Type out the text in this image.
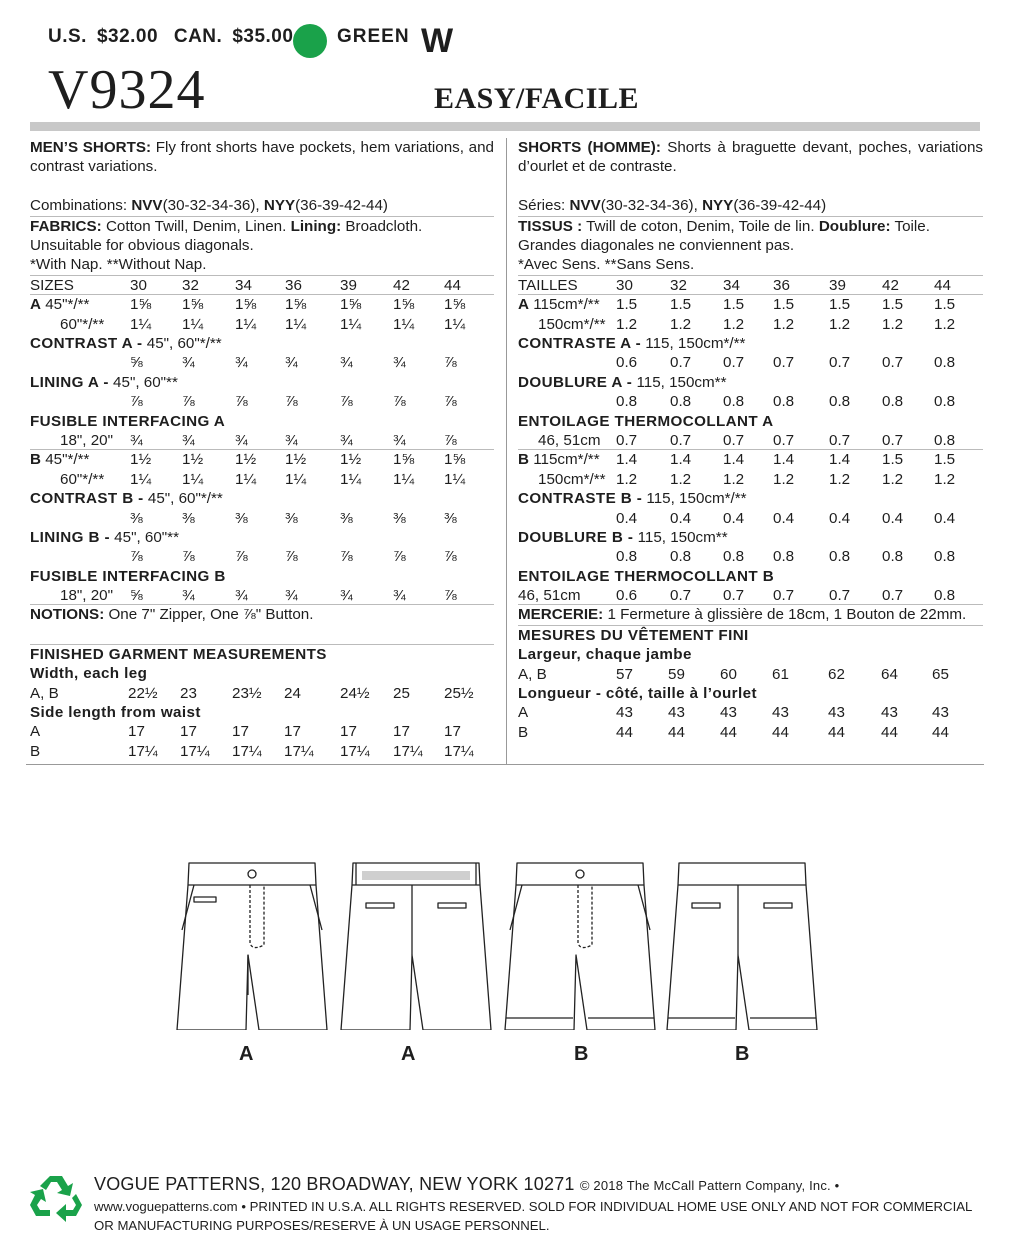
U.S. $32.00 CAN. $35.00	GREEN W
V9324	EASY/FACILE

MEN’S SHORTS: Fly front shorts have pockets, hem variations, and contrast variations.

Combinations: NVV(30-32-34-36), NYY(36-39-42-44)

FABRICS: Cotton Twill, Denim, Linen. Lining: Broadcloth.

Unsuitable for obvious diagonals.

*With Nap. **Without Nap.

SIZES	30	32	34	36	39	42	44
A 45"*/**	1⅝	1⅝	1⅝	1⅝	1⅝	1⅝	1⅝
60"*/** 1¼	1¼	1¼	1¼	1¼	1¼	1¼
CONTRAST A - 45", 60"*/**
⅝	¾	¾	¾	¾	¾	⅞
LINING A - 45", 60"**
⅞	⅞	⅞	⅞	⅞	⅞	⅞
FUSIBLE INTERFACING A
18", 20" ¾	¾	¾	¾	¾	¾	⅞
B 45"*/**	1½	1½	1½	1½	1½	1⅝	1⅝
60"*/** 1¼	1¼	1¼	1¼	1¼	1¼	1¼
CONTRAST B - 45", 60"*/**
⅜	⅜	⅜	⅜	⅜	⅜	⅜
LINING B - 45", 60"**
⅞	⅞	⅞	⅞	⅞	⅞	⅞
FUSIBLE INTERFACING B
18", 20" ⅝	¾	¾	¾	¾	¾	⅞

NOTIONS: One 7" Zipper, One ⅞" Button.

FINISHED GARMENT MEASUREMENTS
Width, each leg
A, B	22½ 23	23½ 24	24½ 25	25½
Side length from waist
A	17	17	17	17	17	17	17
B	17¼ 17¼ 17¼ 17¼ 17¼ 17¼ 17¼

SHORTS (HOMME): Shorts à braguette devant, poches, variations d’ourlet et de contraste.

Séries: NVV(30-32-34-36), NYY(36-39-42-44)

TISSUS : Twill de coton, Denim, Toile de lin. Doublure: Toile.

Grandes diagonales ne conviennent pas.

*Avec Sens. **Sans Sens.

TAILLES	30	32	34	36	39	42	44
A 115cm*/** 1.5	1.5	1.5	1.5	1.5	1.5	1.5
150cm*/** 1.2	1.2	1.2	1.2	1.2	1.2	1.2
CONTRASTE A - 115, 150cm*/**
0.6	0.7	0.7	0.7	0.7	0.7	0.8
DOUBLURE A - 115, 150cm**
0.8	0.8	0.8	0.8	0.8	0.8	0.8
ENTOILAGE THERMOCOLLANT A
46, 51cm 0.7	0.7	0.7	0.7	0.7	0.7	0.8
B 115cm*/** 1.4	1.4	1.4	1.4	1.4	1.5	1.5
150cm*/** 1.2	1.2	1.2	1.2	1.2	1.2	1.2
CONTRASTE B - 115, 150cm*/**
0.4	0.4	0.4	0.4	0.4	0.4	0.4
DOUBLURE B - 115, 150cm**
0.8	0.8	0.8	0.8	0.8	0.8	0.8
ENTOILAGE THERMOCOLLANT B
46, 51cm 0.6	0.7	0.7	0.7	0.7	0.7	0.8

MERCERIE: 1 Fermeture à glissière de 18cm, 1 Bouton de 22mm.

MESURES DU VÊTEMENT FINI
Largeur, chaque jambe
A, B	57	59	60	61	62	64	65
Longueur - côté, taille à l’ourlet
A	43	43	43	43	43	43	43
B	44	44	44	44	44	44	44
A	A	B	B
VOGUE PATTERNS, 120 BROADWAY, NEW YORK 10271 © 2018 The McCall Pattern Company, Inc. •
www.voguepatterns.com • PRINTED IN U.S.A. ALL RIGHTS RESERVED. SOLD FOR INDIVIDUAL HOME USE ONLY AND NOT FOR COMMERCIAL OR MANUFACTURING PURPOSES/RESERVE À UN USAGE PERSONNEL.
